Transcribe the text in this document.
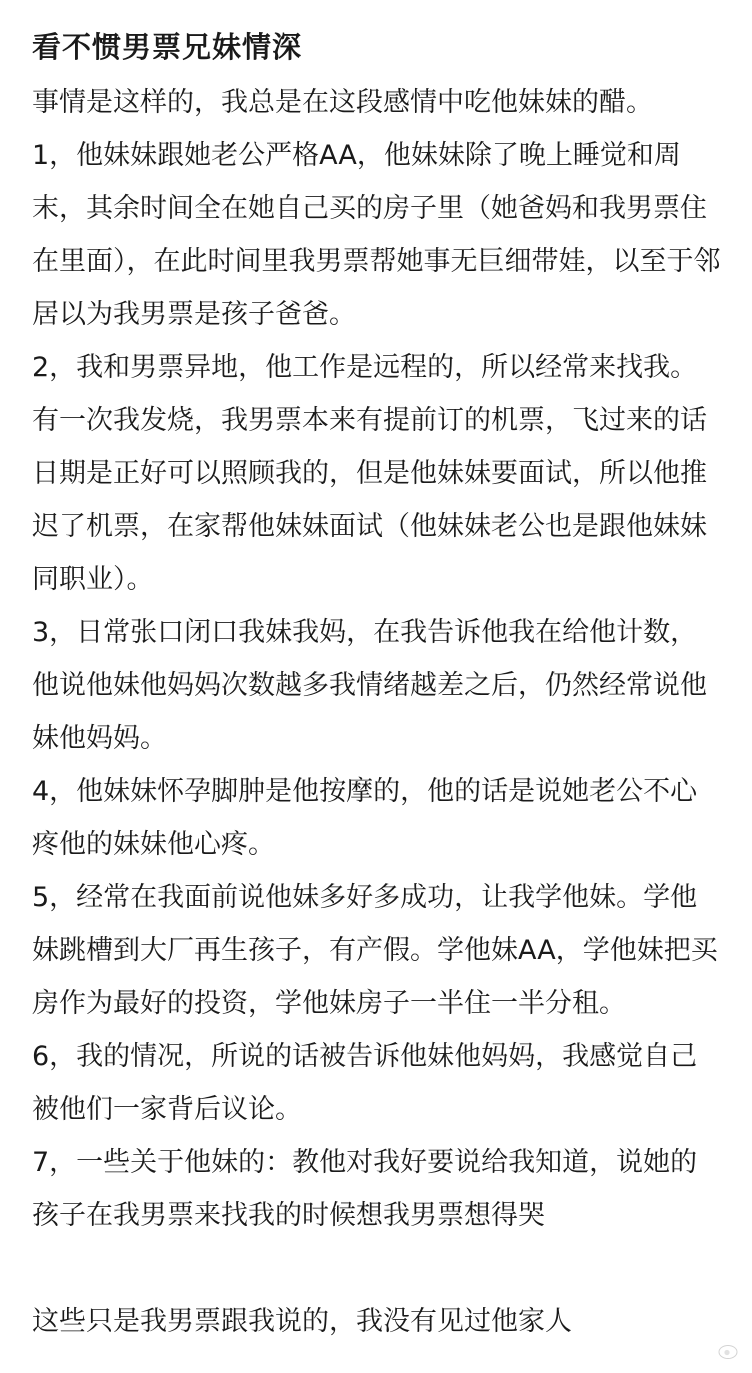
看不惯男票兄妹情深

事情是这样的，我总是在这段感情中吃他妹妹的醋。

1，他妹妹跟她老公严格AA，他妹妹除了晚上睡觉和周末，其余时间全在她自己买的房子里（她爸妈和我男票住在里面），在此时间里我男票帮她事无巨细带娃，以至于邻居以为我男票是孩子爸爸。

2，我和男票异地，他工作是远程的，所以经常来找我。有一次我发烧，我男票本来有提前订的机票，飞过来的话日期是正好可以照顾我的，但是他妹妹要面试，所以他推迟了机票，在家帮他妹妹面试（他妹妹老公也是跟他妹妹同职业）。

3，日常张口闭口我妹我妈，在我告诉他我在给他计数，他说他妹他妈妈次数越多我情绪越差之后，仍然经常说他妹他妈妈。

4，他妹妹怀孕脚肿是他按摩的，他的话是说她老公不心疼他的妹妹他心疼。

5，经常在我面前说他妹多好多成功，让我学他妹。学他妹跳槽到大厂再生孩子，有产假。学他妹AA，学他妹把买房作为最好的投资，学他妹房子一半住一半分租。

6，我的情况，所说的话被告诉他妹他妈妈，我感觉自己被他们一家背后议论。

7，一些关于他妹的：教他对我好要说给我知道，说她的孩子在我男票来找我的时候想我男票想得哭

这些只是我男票跟我说的，我没有见过他家人
